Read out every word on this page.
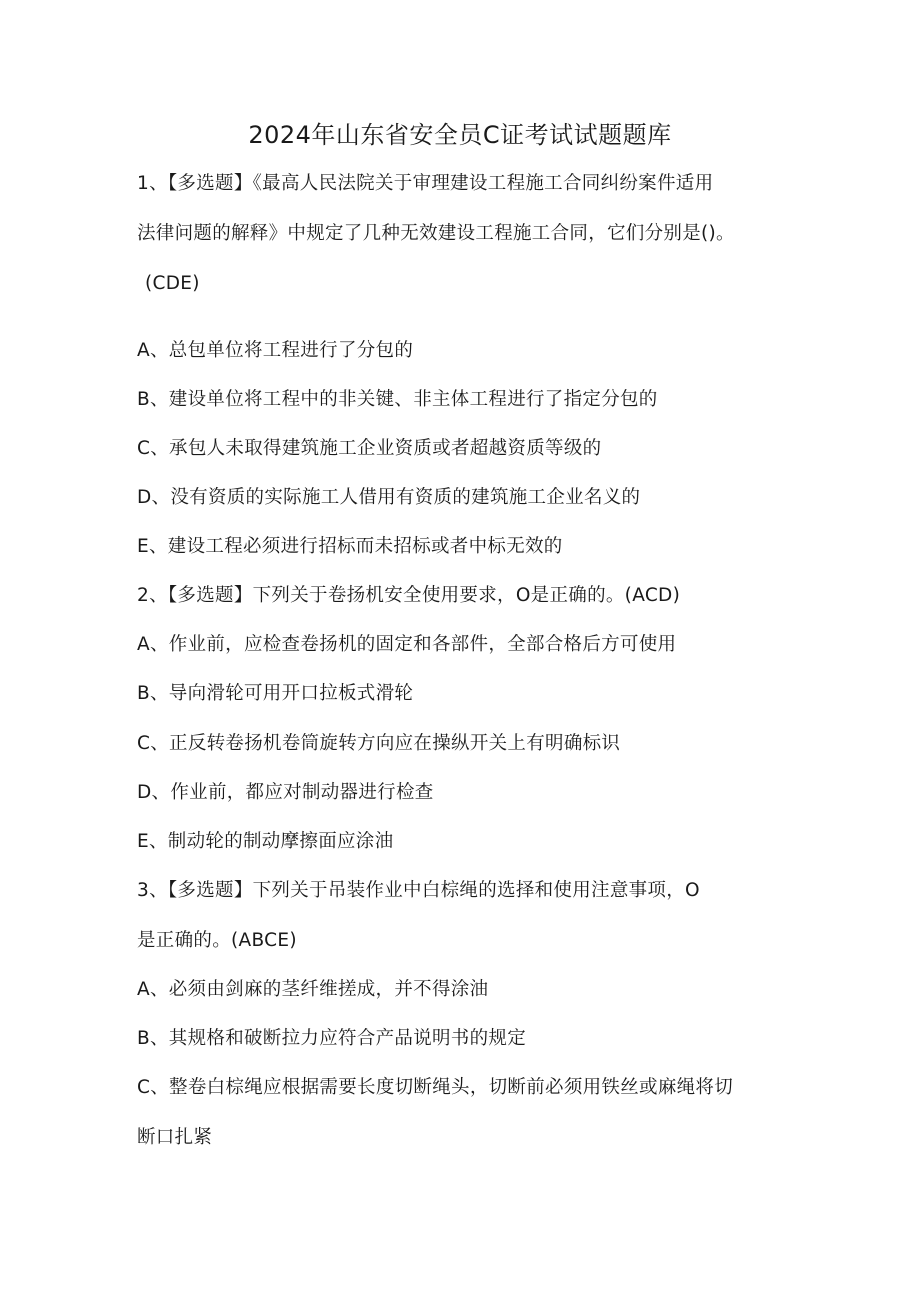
2024年山东省安全员C证考试试题题库
1、【多选题】《最高人民法院关于审理建设工程施工合同纠纷案件适用
法律问题的解释》中规定了几种无效建设工程施工合同，它们分别是()。
(CDE)
A、总包单位将工程进行了分包的
B、建设单位将工程中的非关键、非主体工程进行了指定分包的
C、承包人未取得建筑施工企业资质或者超越资质等级的
D、没有资质的实际施工人借用有资质的建筑施工企业名义的
E、建设工程必须进行招标而未招标或者中标无效的
2、【多选题】下列关于卷扬机安全使用要求，O是正确的。(ACD)
A、作业前，应检查卷扬机的固定和各部件，全部合格后方可使用
B、导向滑轮可用开口拉板式滑轮
C、正反转卷扬机卷筒旋转方向应在操纵开关上有明确标识
D、作业前，都应对制动器进行检查
E、制动轮的制动摩擦面应涂油
3、【多选题】下列关于吊装作业中白棕绳的选择和使用注意事项，O
是正确的。(ABCE)
A、必须由剑麻的茎纤维搓成，并不得涂油
B、其规格和破断拉力应符合产品说明书的规定
C、整卷白棕绳应根据需要长度切断绳头，切断前必须用铁丝或麻绳将切
断口扎紧
